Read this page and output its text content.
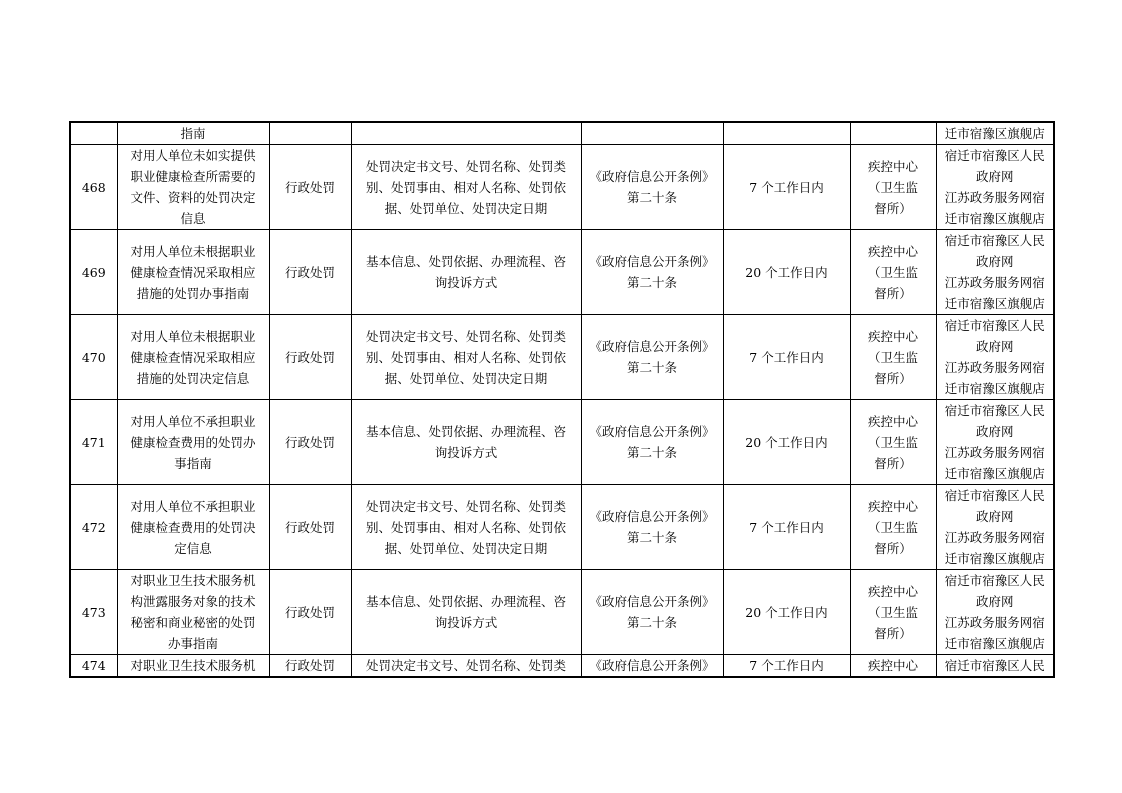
	指南						迁市宿豫区旗舰店

468	对用人单位未如实提供
职业健康检查所需要的
文件、资料的处罚决定
信息	行政处罚	处罚决定书文号、处罚名称、处罚类
别、处罚事由、相对人名称、处罚依
据、处罚单位、处罚决定日期	《政府信息公开条例》
第二十条	7 个工作日内	疾控中心
（卫生监
督所）	宿迁市宿豫区人民
政府网
江苏政务服务网宿
迁市宿豫区旗舰店

469	对用人单位未根据职业
健康检查情况采取相应
措施的处罚办事指南	行政处罚	基本信息、处罚依据、办理流程、咨
询投诉方式	《政府信息公开条例》
第二十条	20 个工作日内	疾控中心
（卫生监
督所）	宿迁市宿豫区人民
政府网
江苏政务服务网宿
迁市宿豫区旗舰店

470	对用人单位未根据职业
健康检查情况采取相应
措施的处罚决定信息	行政处罚	处罚决定书文号、处罚名称、处罚类
别、处罚事由、相对人名称、处罚依
据、处罚单位、处罚决定日期	《政府信息公开条例》
第二十条	7 个工作日内	疾控中心
（卫生监
督所）	宿迁市宿豫区人民
政府网
江苏政务服务网宿
迁市宿豫区旗舰店

471	对用人单位不承担职业
健康检查费用的处罚办
事指南	行政处罚	基本信息、处罚依据、办理流程、咨
询投诉方式	《政府信息公开条例》
第二十条	20 个工作日内	疾控中心
（卫生监
督所）	宿迁市宿豫区人民
政府网
江苏政务服务网宿
迁市宿豫区旗舰店

472	对用人单位不承担职业
健康检查费用的处罚决
定信息	行政处罚	处罚决定书文号、处罚名称、处罚类
别、处罚事由、相对人名称、处罚依
据、处罚单位、处罚决定日期	《政府信息公开条例》
第二十条	7 个工作日内	疾控中心
（卫生监
督所）	宿迁市宿豫区人民
政府网
江苏政务服务网宿
迁市宿豫区旗舰店

473	对职业卫生技术服务机
构泄露服务对象的技术
秘密和商业秘密的处罚
办事指南	行政处罚	基本信息、处罚依据、办理流程、咨
询投诉方式	《政府信息公开条例》
第二十条	20 个工作日内	疾控中心
（卫生监
督所）	宿迁市宿豫区人民
政府网
江苏政务服务网宿
迁市宿豫区旗舰店

474	对职业卫生技术服务机	行政处罚	处罚决定书文号、处罚名称、处罚类	《政府信息公开条例》	7 个工作日内	疾控中心	宿迁市宿豫区人民
